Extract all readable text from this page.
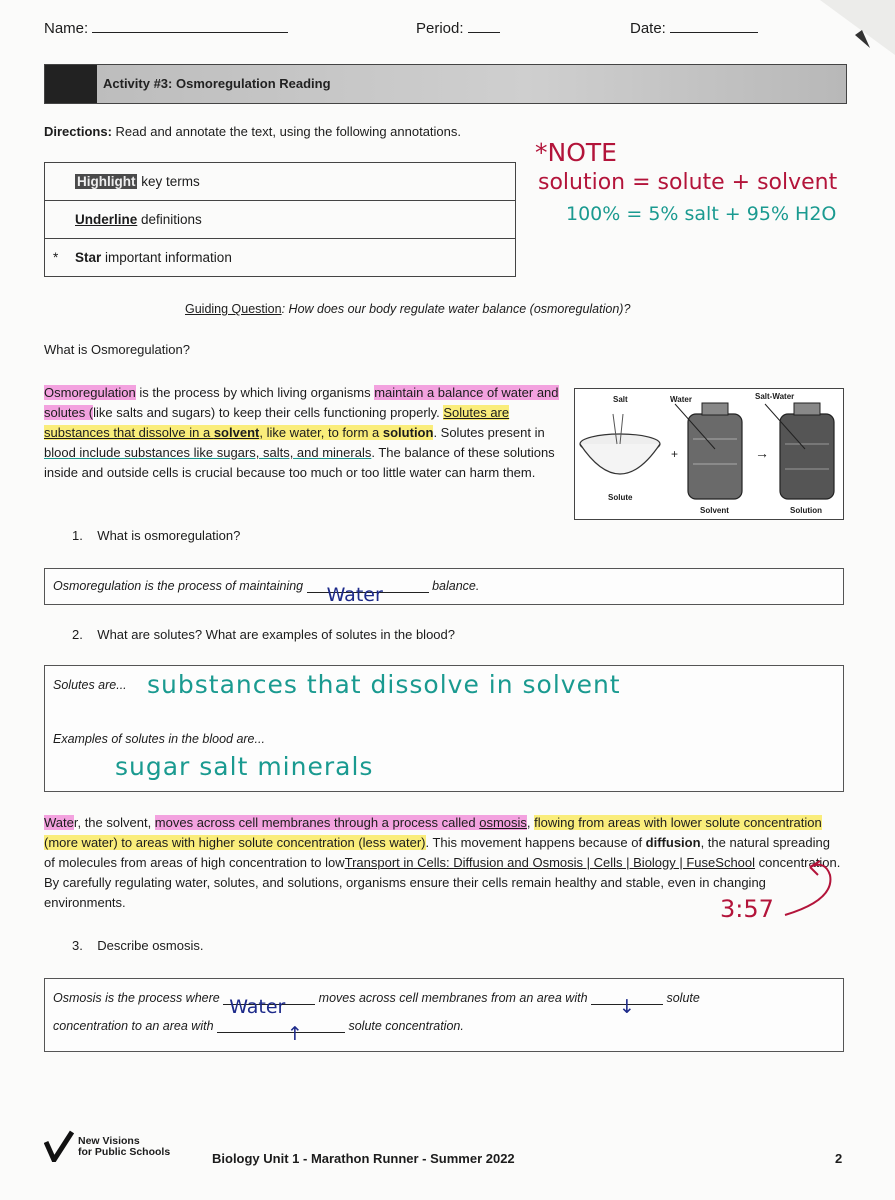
Name:	Period:	Date:
Activity #3: Osmoregulation Reading
Directions: Read and annotate the text, using the following annotations.
Highlight key terms
Underline definitions
* Star important information
*NOTE
solution = solute + solvent
100% = 5% salt + 95% H2O
Guiding Question: How does our body regulate water balance (osmoregulation)?
What is Osmoregulation?
Osmoregulation is the process by which living organisms maintain a balance of water and solutes (like salts and sugars) to keep their cells functioning properly. Solutes are substances that dissolve in a solvent, like water, to form a solution. Solutes present in blood include substances like sugars, salts, and minerals. The balance of these solutions inside and outside cells is crucial because too much or too little water can harm them.
Salt	Water	Salt-Water
Solute
Solvent	Solution
+	→
1. What is osmoregulation?
Osmoregulation is the process of maintaining Water	balance.
2. What are solutes? What are examples of solutes in the blood?
Solutes are... substances that dissolve in solvent
Examples of solutes in the blood are...
sugar salt minerals
Water, the solvent, moves across cell membranes through a process called osmosis, flowing from areas with lower solute concentration (more water) to areas with higher solute concentration (less water). This movement happens because of diffusion, the natural spreading of molecules from areas of high concentration to lowTransport in Cells: Diffusion and Osmosis | Cells | Biology | FuseSchool concentration. By carefully regulating water, solutes, and solutions, organisms ensure their cells remain healthy and stable, even in changing environments.	3:57
3. Describe osmosis.
Osmosis is the process where Water moves across cell membranes from an area with ↓ solute
concentration to an area with	↑	solute concentration.
New Visions
for Public Schools	Biology Unit 1 - Marathon Runner - Summer 2022	2
